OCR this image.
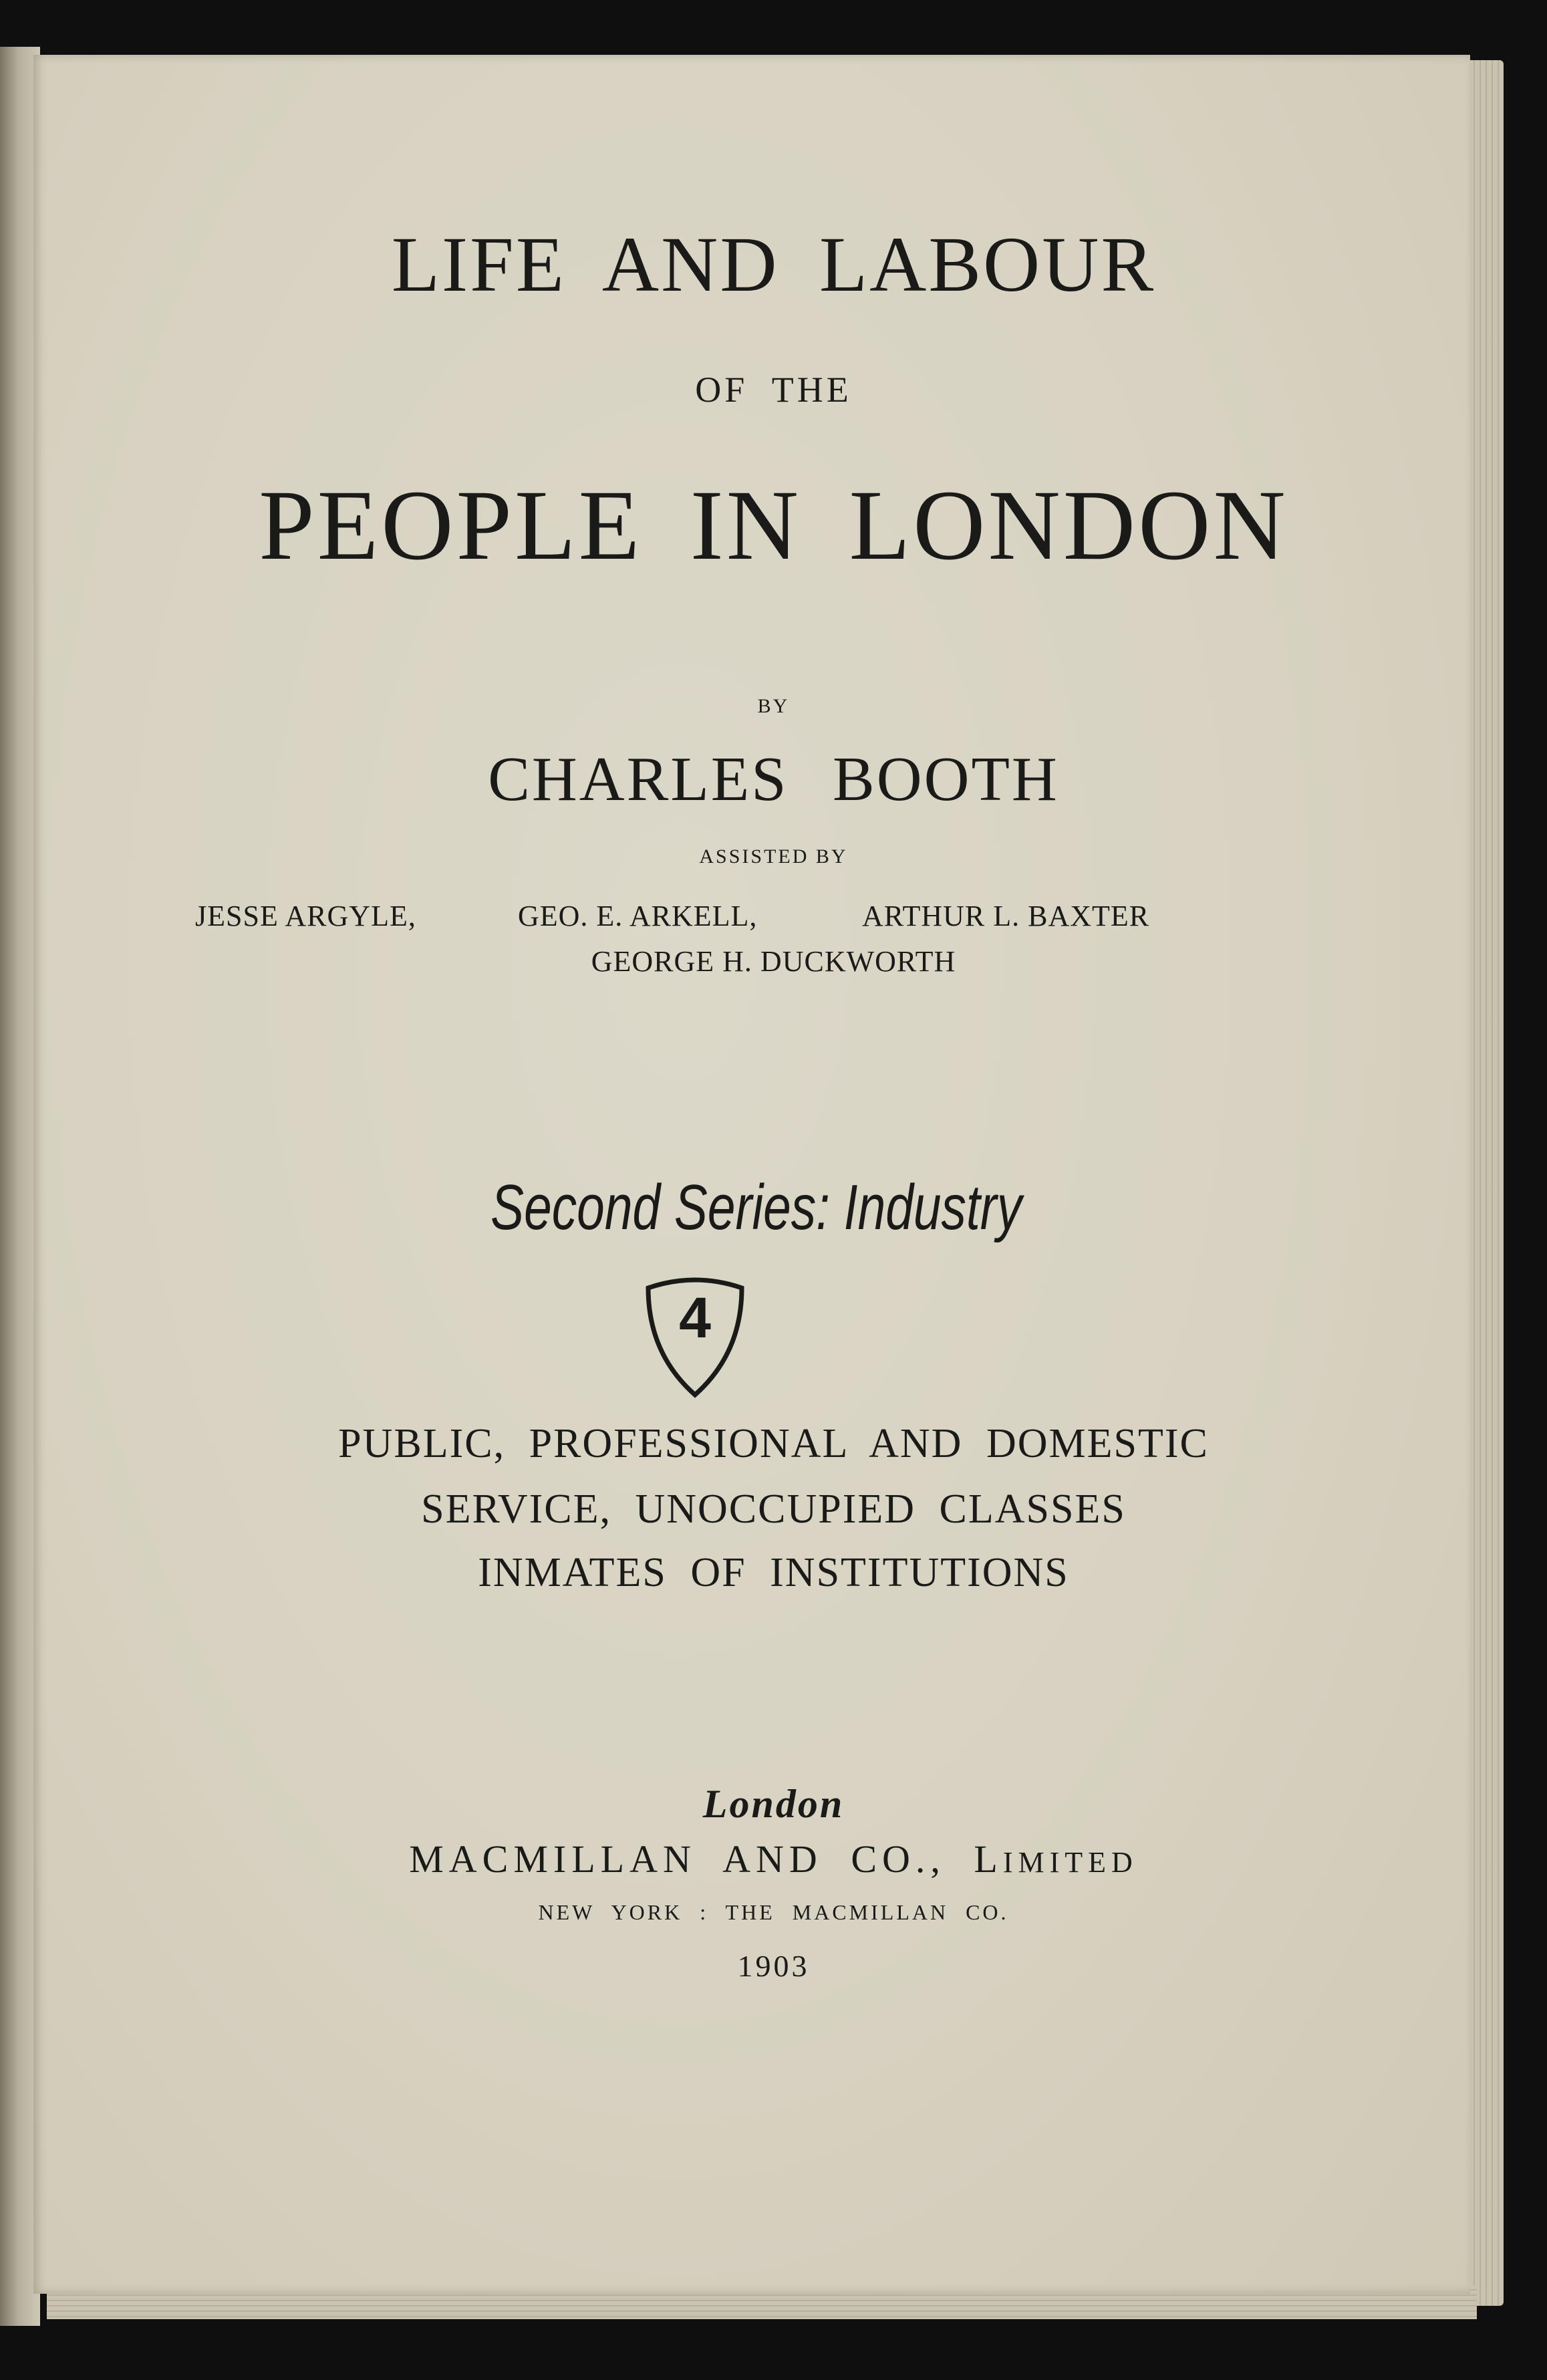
LIFE AND LABOUR
OF THE
PEOPLE IN LONDON
BY
CHARLES BOOTH
ASSISTED BY
JESSE ARGYLE,	GEO. E. ARKELL,	ARTHUR L. BAXTER
GEORGE H. DUCKWORTH
Second Series: Industry
4
PUBLIC, PROFESSIONAL AND DOMESTIC
SERVICE, UNOCCUPIED CLASSES
INMATES OF INSTITUTIONS
London
MACMILLAN AND CO., LIMITED
NEW YORK : THE MACMILLAN CO.
1903
